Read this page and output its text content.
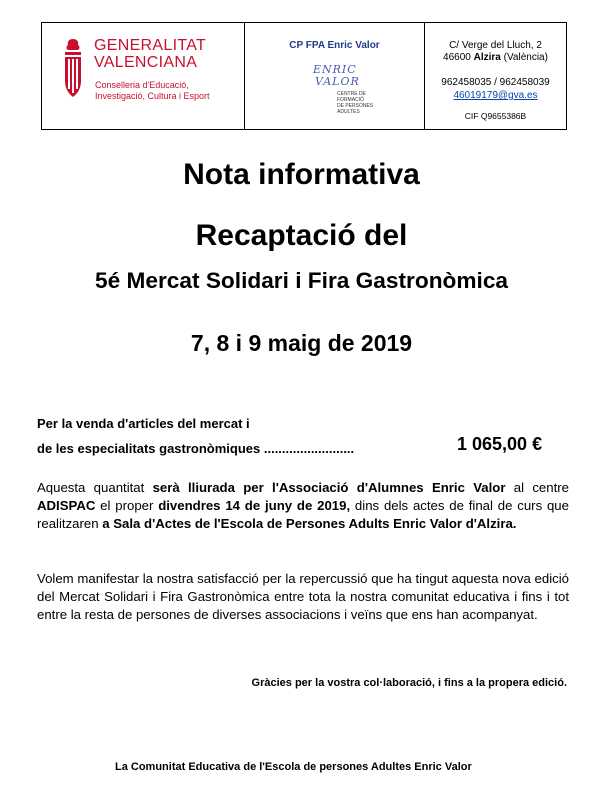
GENERALITAT
VALENCIANA
Conselleria d'Educació,
Investigació, Cultura i Esport
CP FPA Enric Valor
ENRIC
VALOR
CENTRE DE
FORMACIÓ
DE PERSONES
ADULTES
C/ Verge del Lluch, 2
46600 Alzira (València)
962458035 / 962458039
46019179@gva.es
CIF Q9655386B
Nota informativa
Recaptació del
5é Mercat Solidari i Fira Gastronòmica
7, 8 i 9 maig de 2019
Per la venda d'articles del mercat i
de les especialitats gastronòmiques .........................	1 065,00 €
Aquesta quantitat serà lliurada per l'Associació d'Alumnes Enric Valor al centre ADISPAC el proper divendres 14 de juny de 2019, dins dels actes de final de curs que realitzaren a Sala d'Actes de l'Escola de Persones Adults Enric Valor d'Alzira.
Volem manifestar la nostra satisfacció per la repercussió que ha tingut aquesta nova edició del Mercat Solidari i Fira Gastronòmica entre tota la nostra comunitat educativa i fins i tot entre la resta de persones de diverses associacions i veïns que ens han acompanyat.
Gràcies per la vostra col·laboració, i fins a la propera edició.
La Comunitat Educativa de l'Escola de persones Adultes Enric Valor
